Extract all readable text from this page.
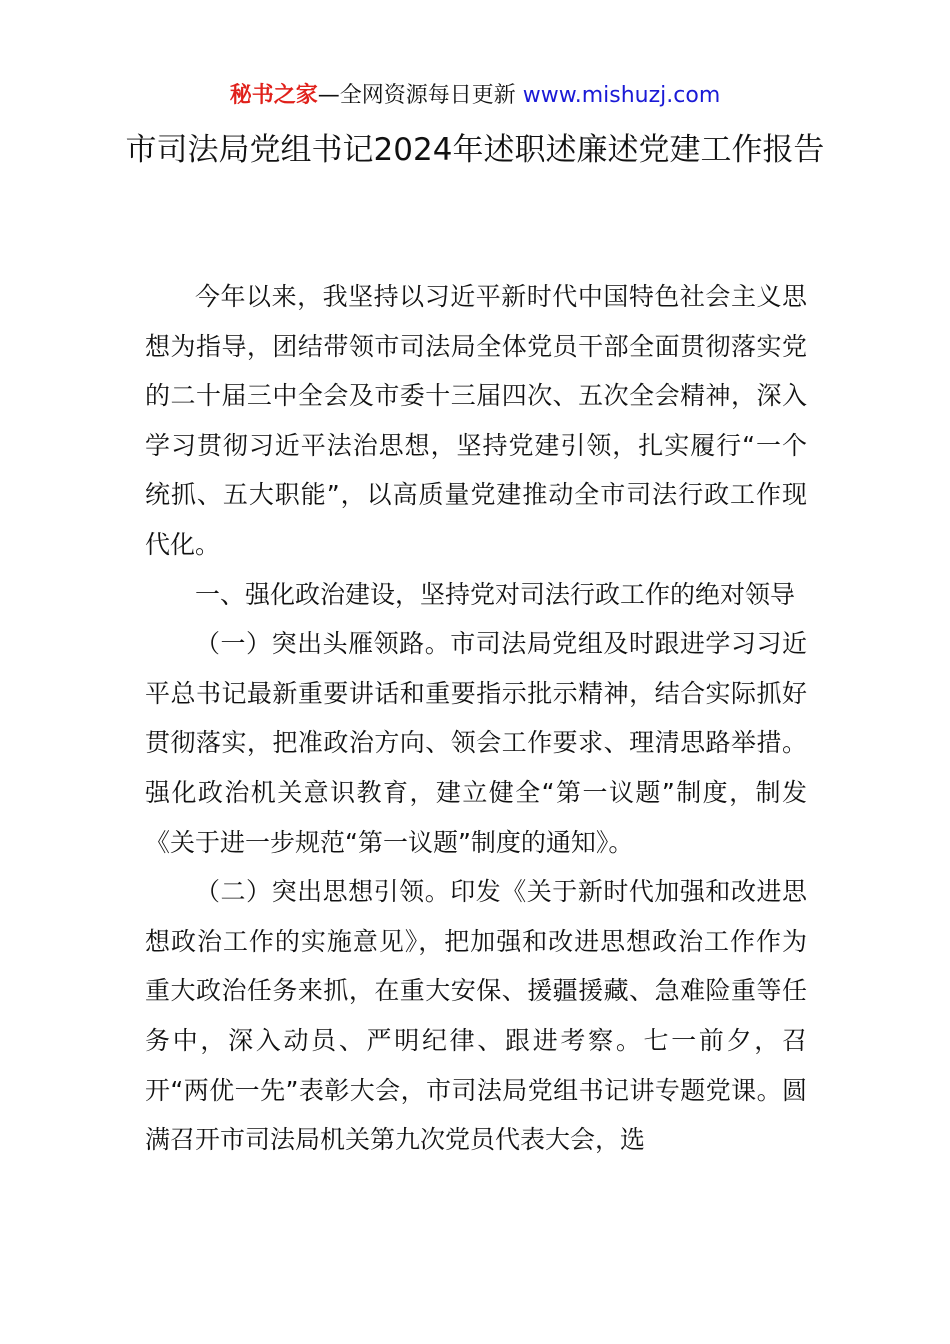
秘书之家—全网资源每日更新 www.mishuzj.com
市司法局党组书记2024年述职述廉述党建工作报告

今年以来，我坚持以习近平新时代中国特色社会主义思想为指导，团结带领市司法局全体党员干部全面贯彻落实党的二十届三中全会及市委十三届四次、五次全会精神，深入学习贯彻习近平法治思想，坚持党建引领，扎实履行“一个统抓、五大职能”，以高质量党建推动全市司法行政工作现代化。

一、强化政治建设，坚持党对司法行政工作的绝对领导

（一）突出头雁领路。市司法局党组及时跟进学习习近平总书记最新重要讲话和重要指示批示精神，结合实际抓好贯彻落实，把准政治方向、领会工作要求、理清思路举措。强化政治机关意识教育，建立健全“第一议题”制度，制发《关于进一步规范“第一议题”制度的通知》。

（二）突出思想引领。印发《关于新时代加强和改进思想政治工作的实施意见》，把加强和改进思想政治工作作为重大政治任务来抓，在重大安保、援疆援藏、急难险重等任务中，深入动员、严明纪律、跟进考察。七一前夕，召开“两优一先”表彰大会，市司法局党组书记讲专题党课。圆满召开市司法局机关第九次党员代表大会，选
